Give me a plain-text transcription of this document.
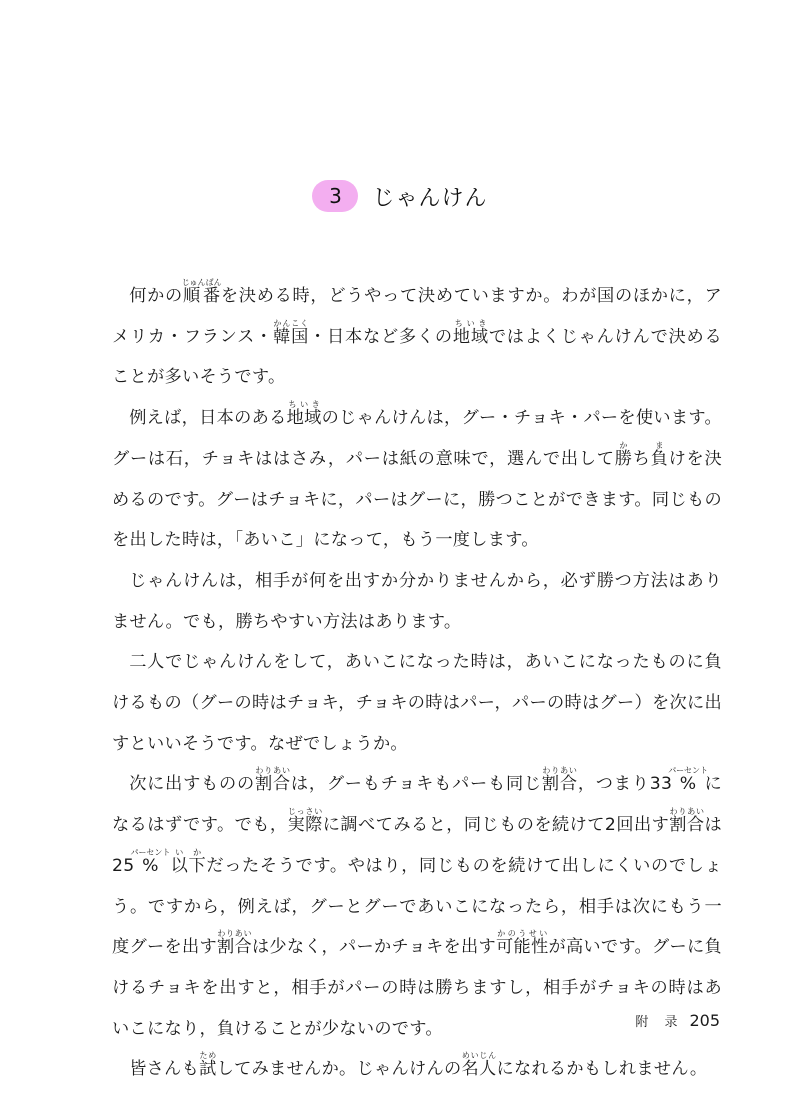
3	じゃんけん

何かの順番じゅんばんを決める時，どうやって決めていますか。わが国のほかに，アメリカ・フランス・韓国かんこく・日本など多くの地域ちいきではよくじゃんけんで決めることが多いそうです。

例えば，日本のある地域ちいきのじゃんけんは，グー・チョキ・パーを使います。グーは石，チョキははさみ，パーは紙の意味で，選んで出して勝かち負まけを決めるのです。グーはチョキに，パーはグーに，勝つことができます。同じものを出した時は，「あいこ」になって，もう一度します。

じゃんけんは，相手が何を出すか分かりませんから，必ず勝つ方法はありません。でも，勝ちやすい方法はあります。

二人でじゃんけんをして，あいこになった時は，あいこになったものに負けるもの（グーの時はチョキ，チョキの時はパー，パーの時はグー）を次に出すといいそうです。なぜでしょうか。

次に出すものの割合わりあいは，グーもチョキもパーも同じ割合わりあい，つまり33%パーセントになるはずです。でも，実際じっさいに調べてみると，同じものを続けて2回出す割合わりあいは25%パーセント以下いかだったそうです。やはり，同じものを続けて出しにくいのでしょう。ですから，例えば，グーとグーであいこになったら，相手は次にもう一度グーを出す割合わりあいは少なく，パーかチョキを出す可能性かのうせいが高いです。グーに負けるチョキを出すと，相手がパーの時は勝ちますし，相手がチョキの時はあいこになり，負けることが少ないのです。

皆さんも試ためしてみませんか。じゃんけんの名人めいじんになれるかもしれません。

附 录 205
